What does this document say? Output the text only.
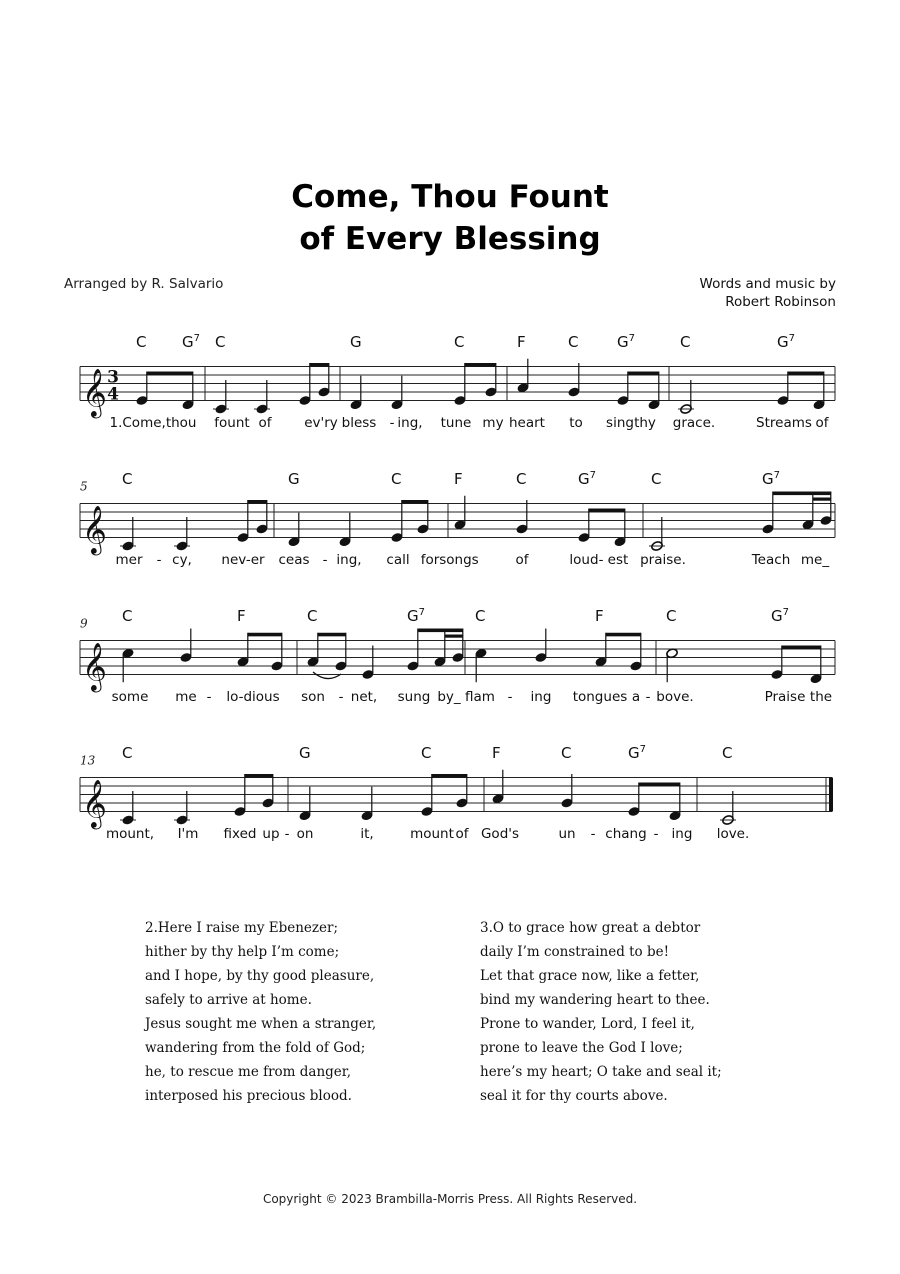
Come, Thou Fount
of Every Blessing
Arranged by R. Salvario	Words and music by
Robert Robinson
𝄞 3
4
C $G^7$ C	G	C	F	C	$G^7$	C	$G^7$
1.Come,thou fount of ev'ry bless - ing, tune my heart to sing thy grace.	Streams of
𝄞
5 C	G	C	F	C	$G^7$	C	$G^7$
mer - cy, nev-er ceas - ing, call for songs	of	loud - est praise.	Teach me_
𝄞
9 C	F	C	$G^7$	C	F	C	$G^7$
some me - lo-dious son - net, sung by_ flam - ing tongues a - bove.	Praise the
𝄞
13 C	G	C	F	C	$G^7$	C
mount, I'm fixed up - on	it,	mount of God's	un - chang - ing love.
2.Here I raise my Ebenezer;
hither by thy help I’m come;
and I hope, by thy good pleasure,
safely to arrive at home.
Jesus sought me when a stranger,
wandering from the fold of God;
he, to rescue me from danger,
interposed his precious blood.
3.O to grace how great a debtor
daily I’m constrained to be!
Let that grace now, like a fetter,
bind my wandering heart to thee.
Prone to wander, Lord, I feel it,
prone to leave the God I love;
here’s my heart; O take and seal it;
seal it for thy courts above.
Copyright © 2023 Brambilla-Morris Press. All Rights Reserved.
